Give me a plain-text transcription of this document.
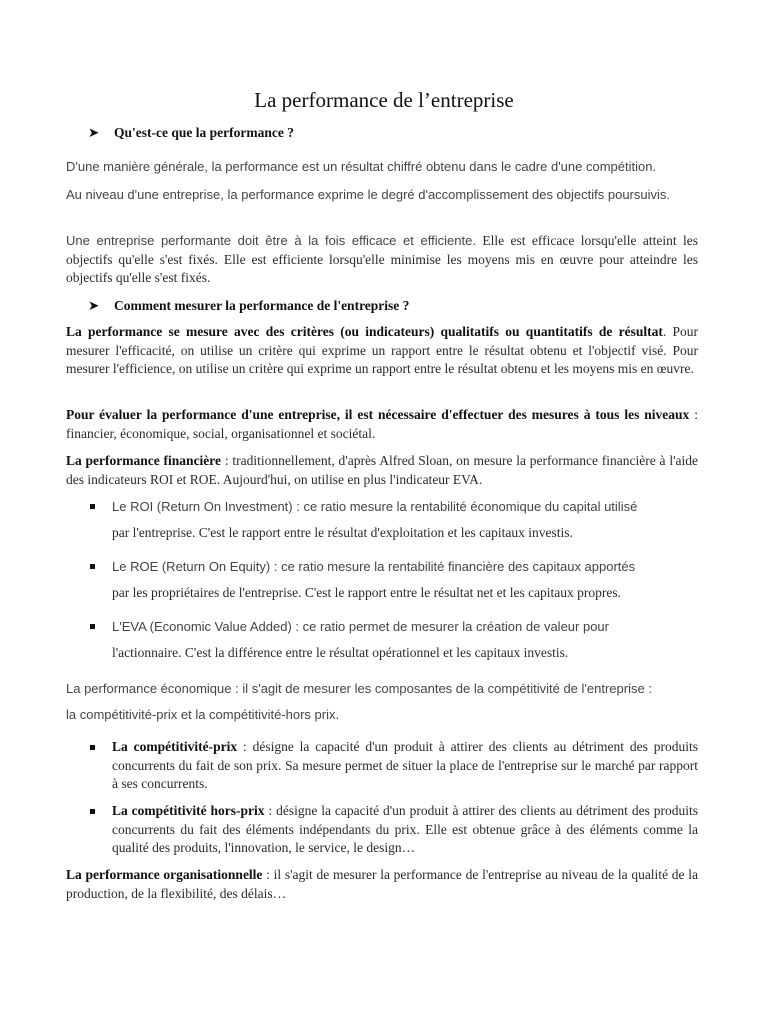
La performance de l’entreprise
➤ Qu'est-ce que la performance ?
D'une manière générale, la performance est un résultat chiffré obtenu dans le cadre d'une compétition.
Au niveau d'une entreprise, la performance exprime le degré d'accomplissement des objectifs poursuivis.
Une entreprise performante doit être à la fois efficace et efficiente. Elle est efficace lorsqu'elle atteint les objectifs qu'elle s'est fixés. Elle est efficiente lorsqu'elle minimise les moyens mis en œuvre pour atteindre les objectifs qu'elle s'est fixés.
➤ Comment mesurer la performance de l'entreprise ?
La performance se mesure avec des critères (ou indicateurs) qualitatifs ou quantitatifs de résultat. Pour mesurer l'efficacité, on utilise un critère qui exprime un rapport entre le résultat obtenu et l'objectif visé. Pour mesurer l'efficience, on utilise un critère qui exprime un rapport entre le résultat obtenu et les moyens mis en œuvre.
Pour évaluer la performance d'une entreprise, il est nécessaire d'effectuer des mesures à tous les niveaux : financier, économique, social, organisationnel et sociétal.
La performance financière : traditionnellement, d'après Alfred Sloan, on mesure la performance financière à l'aide des indicateurs ROI et ROE. Aujourd'hui, on utilise en plus l'indicateur EVA.
Le ROI (Return On Investment) : ce ratio mesure la rentabilité économique du capital utilisé
par l'entreprise. C'est le rapport entre le résultat d'exploitation et les capitaux investis.
Le ROE (Return On Equity) : ce ratio mesure la rentabilité financière des capitaux apportés
par les propriétaires de l'entreprise. C'est le rapport entre le résultat net et les capitaux propres.
L'EVA (Economic Value Added) : ce ratio permet de mesurer la création de valeur pour
l'actionnaire. C'est la différence entre le résultat opérationnel et les capitaux investis.
La performance économique : il s'agit de mesurer les composantes de la compétitivité de l'entreprise :
la compétitivité-prix et la compétitivité-hors prix.
La compétitivité-prix : désigne la capacité d'un produit à attirer des clients au détriment des produits concurrents du fait de son prix. Sa mesure permet de situer la place de l'entreprise sur le marché par rapport à ses concurrents.
La compétitivité hors-prix : désigne la capacité d'un produit à attirer des clients au détriment des produits concurrents du fait des éléments indépendants du prix. Elle est obtenue grâce à des éléments comme la qualité des produits, l'innovation, le service, le design…
La performance organisationnelle : il s'agit de mesurer la performance de l'entreprise au niveau de la qualité de la production, de la flexibilité, des délais…
